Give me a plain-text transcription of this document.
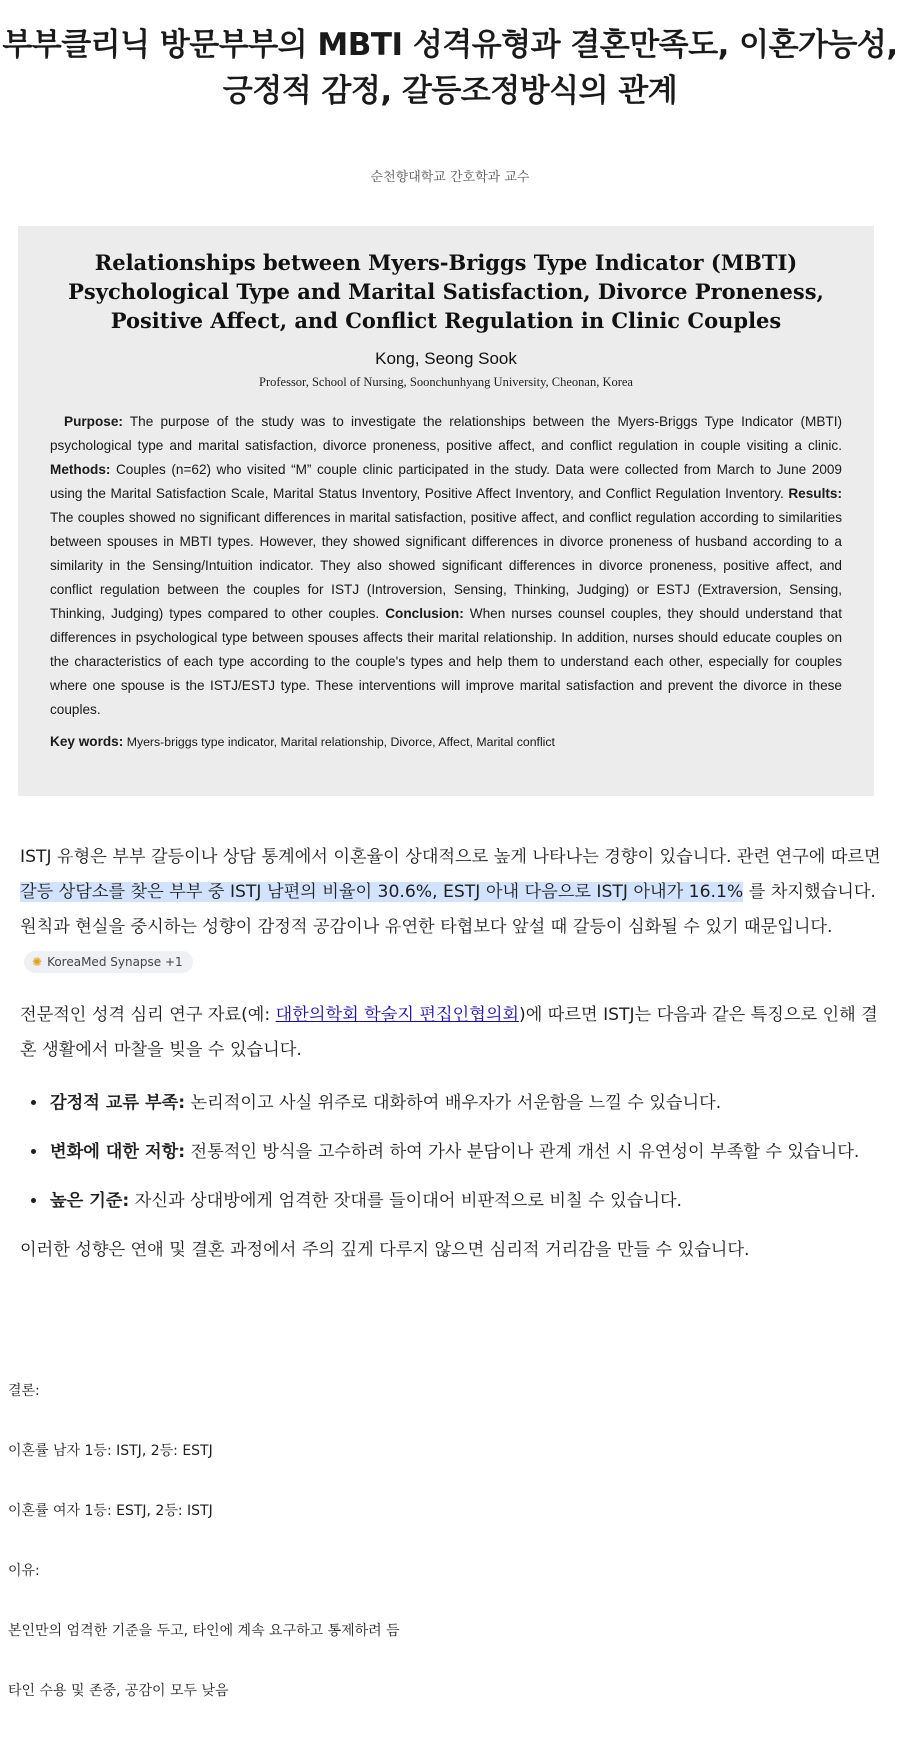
부부클리닉 방문부부의 MBTI 성격유형과 결혼만족도, 이혼가능성,
긍정적 감정, 갈등조정방식의 관계
순천향대학교 간호학과 교수
Relationships between Myers-Briggs Type Indicator (MBTI) Psychological Type and Marital Satisfaction, Divorce Proneness, Positive Affect, and Conflict Regulation in Clinic Couples
Kong, Seong Sook
Professor, School of Nursing, Soonchunhyang University, Cheonan, Korea
Purpose: The purpose of the study was to investigate the relationships between the Myers-Briggs Type Indicator (MBTI) psychological type and marital satisfaction, divorce proneness, positive affect, and conflict regulation in couple visiting a clinic. Methods: Couples (n=62) who visited “M” couple clinic participated in the study. Data were collected from March to June 2009 using the Marital Satisfaction Scale, Marital Status Inventory, Positive Affect Inventory, and Conflict Regulation Inventory. Results: The couples showed no significant differences in marital satisfaction, positive affect, and conflict regulation according to similarities between spouses in MBTI types. However, they showed significant differences in divorce proneness of husband according to a similarity in the Sensing/Intuition indicator. They also showed significant differences in divorce proneness, positive affect, and conflict regulation between the couples for ISTJ (Introversion, Sensing, Thinking, Judging) or ESTJ (Extraversion, Sensing, Thinking, Judging) types compared to other couples. Conclusion: When nurses counsel couples, they should understand that differences in psychological type between spouses affects their marital relationship. In addition, nurses should educate couples on the characteristics of each type according to the couple's types and help them to understand each other, especially for couples where one spouse is the ISTJ/ESTJ type. These interventions will improve marital satisfaction and prevent the divorce in these couples.
Key words: Myers-briggs type indicator, Marital relationship, Divorce, Affect, Marital conflict

ISTJ 유형은 부부 갈등이나 상담 통계에서 이혼율이 상대적으로 높게 나타나는 경향이 있습니다. 관련 연구에 따르면 갈등 상담소를 찾은 부부 중 ISTJ 남편의 비율이 30.6%, ESTJ 아내 다음으로 ISTJ 아내가 16.1% 를 차지했습니다. 원칙과 현실을 중시하는 성향이 감정적 공감이나 유연한 타협보다 앞설 때 갈등이 심화될 수 있기 때문입니다.✺ KoreaMed Synapse +1

전문적인 성격 심리 연구 자료(예: 대한의학회 학술지 편집인협의회)에 따르면 ISTJ는 다음과 같은 특징으로 인해 결혼 생활에서 마찰을 빚을 수 있습니다.

• 감정적 교류 부족: 논리적이고 사실 위주로 대화하여 배우자가 서운함을 느낄 수 있습니다.
• 변화에 대한 저항: 전통적인 방식을 고수하려 하여 가사 분담이나 관계 개선 시 유연성이 부족할 수 있습니다.
• 높은 기준: 자신과 상대방에게 엄격한 잣대를 들이대어 비판적으로 비칠 수 있습니다.

이러한 성향은 연애 및 결혼 과정에서 주의 깊게 다루지 않으면 심리적 거리감을 만들 수 있습니다.

결론:
이혼률 남자 1등: ISTJ, 2등: ESTJ
이혼률 여자 1등: ESTJ, 2등: ISTJ
이유:
본인만의 엄격한 기준을 두고, 타인에 계속 요구하고 통제하려 듬
타인 수용 및 존중, 공감이 모두 낮음
